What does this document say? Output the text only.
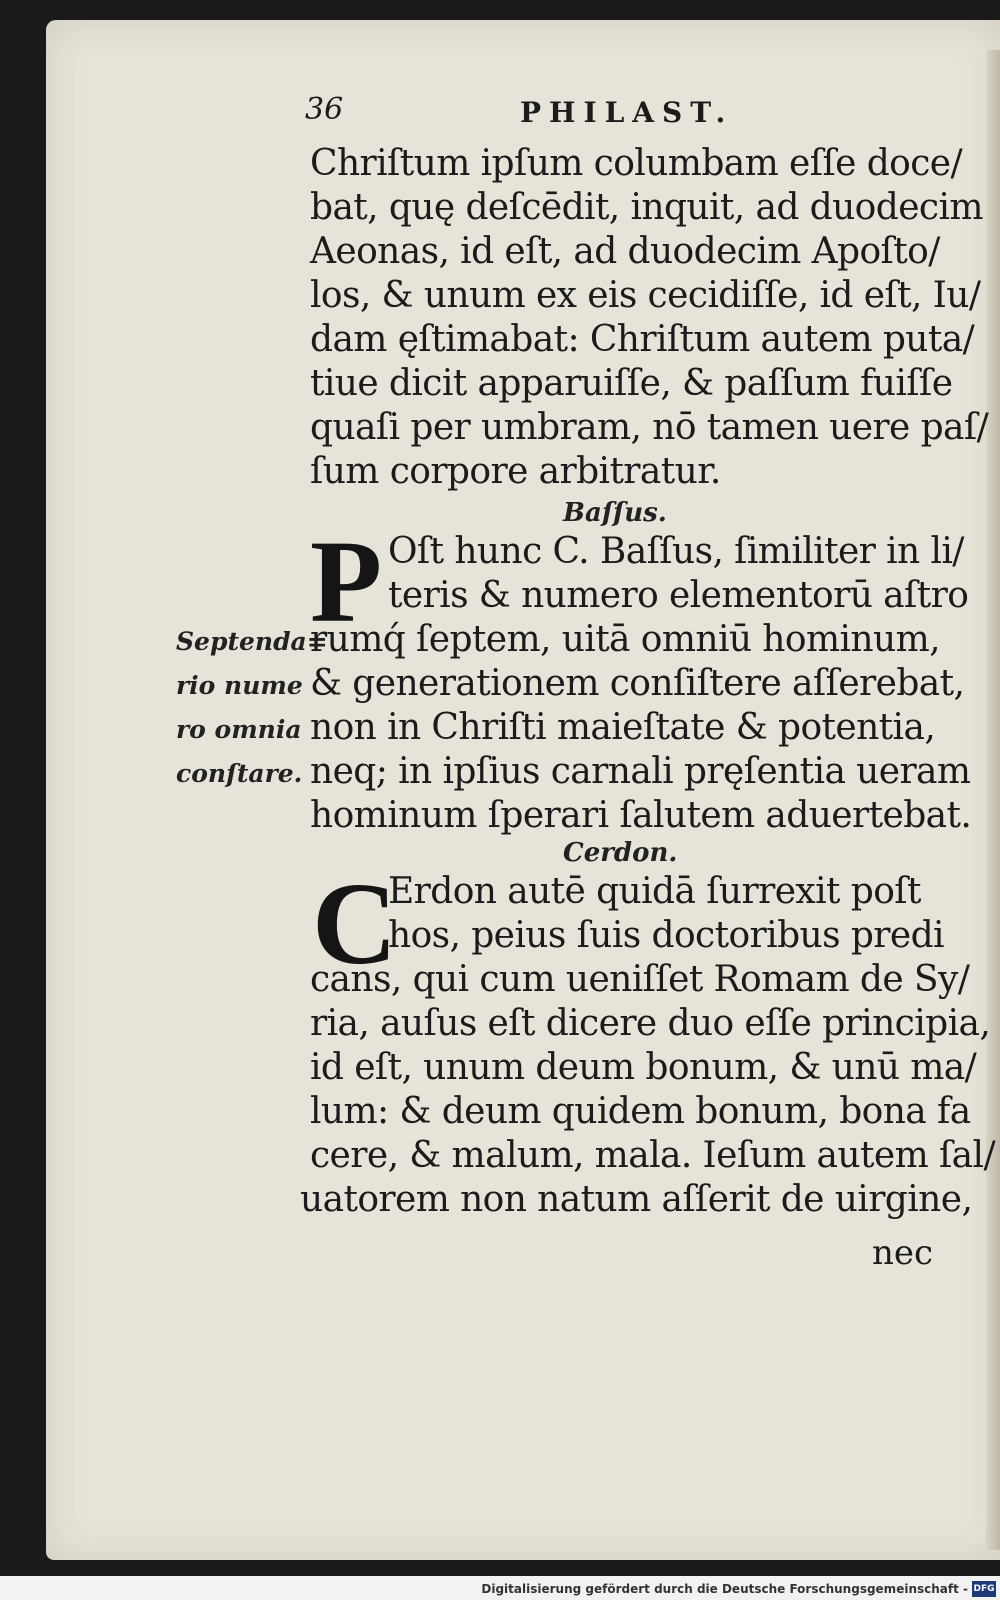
36	PHILAST.
Chriſtum ipſum columbam eſſe doce/
bat, quę deſcēdit, inquit, ad duodecim
Aeonas, id eſt, ad duodecim Apoſto/
los, & unum ex eis cecidiſſe, id eſt, Iu/
dam ęſtimabat: Chriſtum autem puta/
tiue dicit apparuiſſe, & paſſum fuiſſe
quaſi per umbram, nō tamen uere paſ/
ſum corpore arbitratur.
Baſſus.
P Oſt hunc C. Baſſus, ſimiliter in li/
teris & numero elementorū aſtro
rumq́ ſeptem, uitā omniū hominum,
& generationem conſiſtere aſſerebat,
non in Chriſti maieſtate & potentia,
neq; in ipſius carnali pręſentia ueram
hominum ſperari ſalutem aduertebat.
Septenda=
rio nume
ro omnia
conſtare.
Cerdon.
C
Erdon autē quidā ſurrexit poſt
hos, peius ſuis doctoribus predi
cans, qui cum ueniſſet Romam de Sy/
ria, auſus eſt dicere duo eſſe principia,
id eſt, unum deum bonum, & unū ma/
lum: & deum quidem bonum, bona fa
cere, & malum, mala. Ieſum autem ſal/
uatorem non natum aſſerit de uirgine,
nec
Digitalisierung gefördert durch die Deutsche Forschungsgemeinschaft - DFG
